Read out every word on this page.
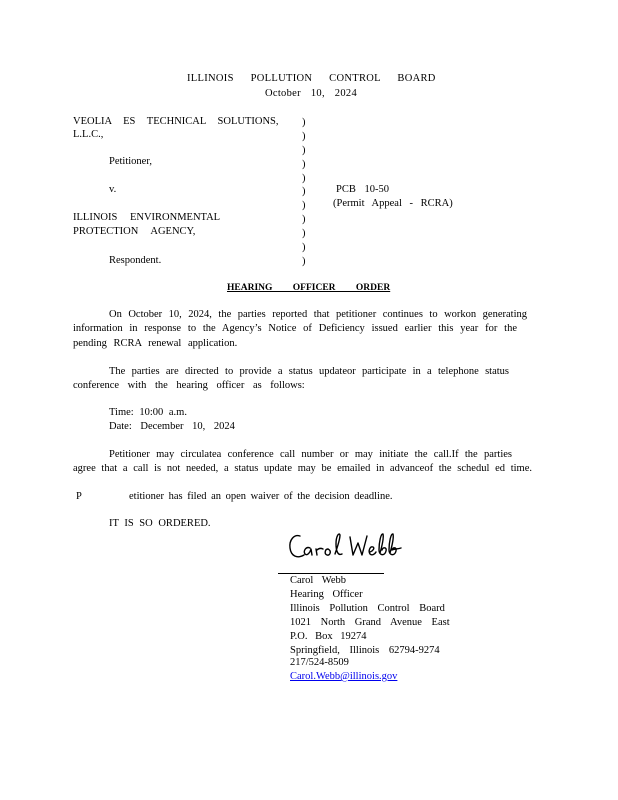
ILLINOIS POLLUTION CONTROL BOARD
October 10, 2024
VEOLIA ES TECHNICAL SOLUTIONS,
L.L.C.,
Petitioner,
v.
ILLINOIS ENVIRONMENTAL
PROTECTION AGENCY,
Respondent.
)
)
)
)
)
)
)
)
)
)
)
PCB 10-50
(Permit Appeal - RCRA)
HEARING OFFICER ORDER
On October 10, 2024, the parties reported that petitioner continues to workon generating
information in response to the Agency’s Notice of Deficiency issued earlier this year for the
pending RCRA renewal application.
The parties are directed to provide a status updateor participate in a telephone status
conference with the hearing officer as follows:
Time: 10:00 a.m.
Date: December 10, 2024
Petitioner may circulatea conference call number or may initiate the call.If the parties
agree that a call is not needed, a status update may be emailed in advanceof the schedul ed time.
P	etitioner has filed an open waiver of the decision deadline.
IT IS SO ORDERED.
Carol Webb
Hearing Officer
Illinois Pollution Control Board
1021 North Grand Avenue East
P.O. Box 19274
Springfield, Illinois 62794-9274
217/524-8509
Carol.Webb@illinois.gov
